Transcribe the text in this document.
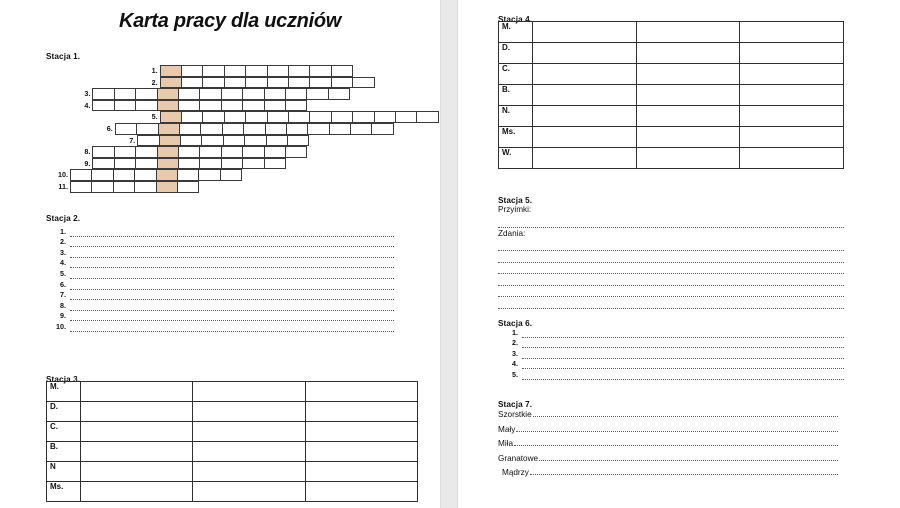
Karta pracy dla uczniów
Stacja 1.
1.
2.
3.
4.
5.
6.
7.
8.
9.
10.
11.
Stacja 2.
1.
2.
3.
4.
5.
6.
7.
8.
9.
10.
Stacja 3.
M.			
D.			
C.			
B.			
N			
Ms.			
Stacja 4.
M.			
D.			
C.			
B.			
N.			
Ms.			
W.			
Stacja 5.
Przyimki:
Zdania:
Stacja 6.
1.
2.
3.
4.
5.
Stacja 7.
Szorstkie
Mały
Miła
Granatowe
Mądrzy
